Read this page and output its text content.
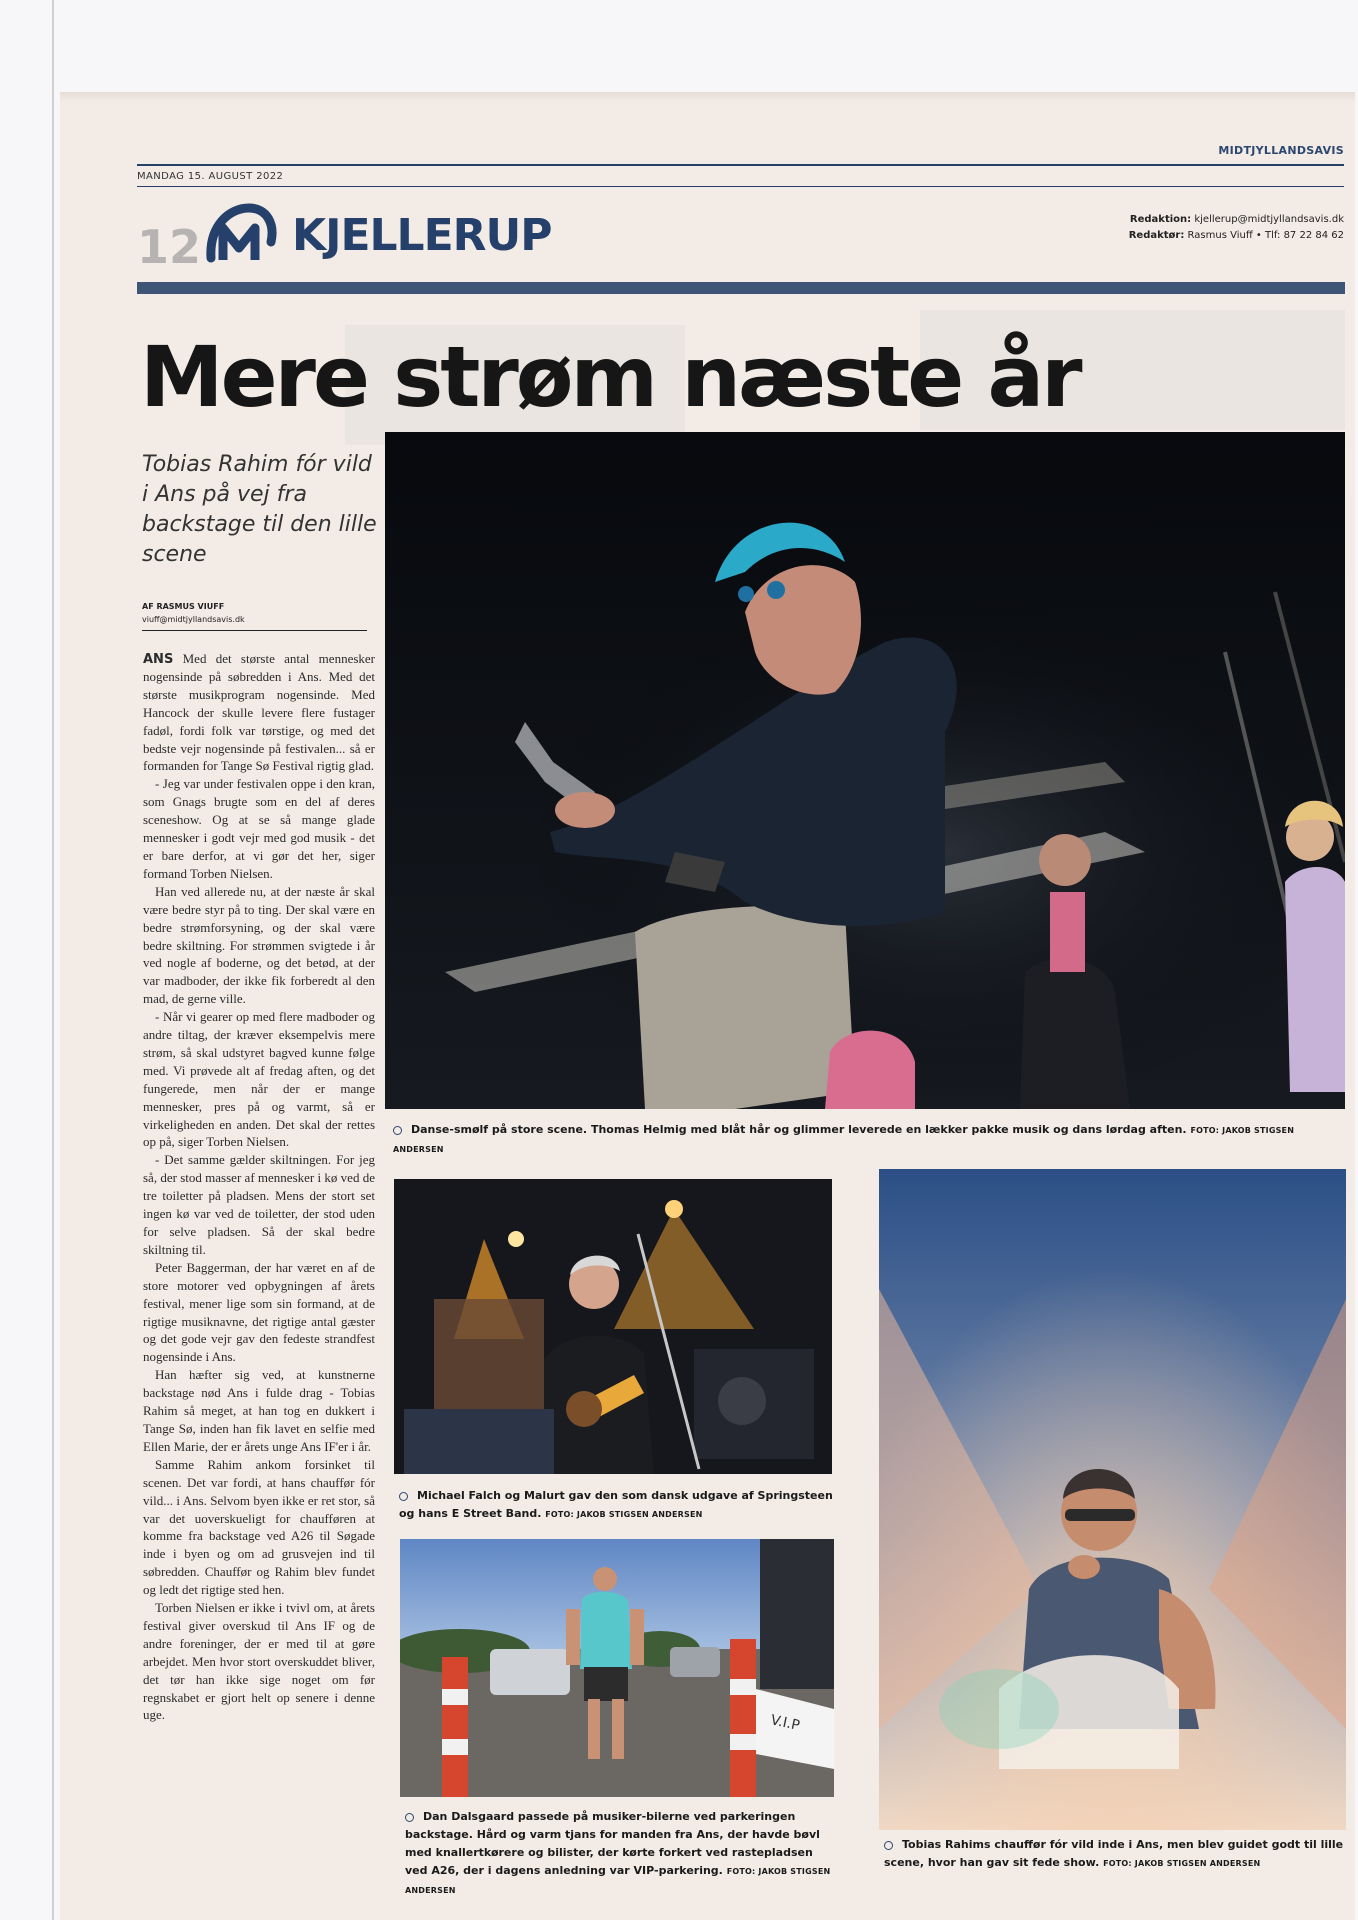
MIDTJYLLANDSAVIS
MANDAG 15. AUGUST 2022
12 KJELLERUP	Redaktion: kjellerup@midtjyllandsavis.dk
Redaktør: Rasmus Viuff • Tlf: 87 22 84 62
Mere strøm næste år
Tobias Rahim fór vild i Ans på vej fra backstage til den lille scene
AF RASMUS VIUFF
viuff@midtjyllandsavis.dk

ANS Med det største antal mennesker nogensinde på søbredden i Ans. Med det største musikprogram nogensinde. Med Hancock der skulle levere flere fustager fadøl, fordi folk var tørstige, og med det bedste vejr nogensinde på festivalen... så er formanden for Tange Sø Festival rigtig glad.

- Jeg var under festivalen oppe i den kran, som Gnags brugte som en del af deres sceneshow. Og at se så mange glade mennesker i godt vejr med god musik - det er bare derfor, at vi gør det her, siger formand Torben Nielsen.

Han ved allerede nu, at der næste år skal være bedre styr på to ting. Der skal være en bedre strømforsyning, og der skal være bedre skiltning. For strømmen svigtede i år ved nogle af boderne, og det betød, at der var madboder, der ikke fik forberedt al den mad, de gerne ville.

- Når vi gearer op med flere madboder og andre tiltag, der kræver eksempelvis mere strøm, så skal udstyret bagved kunne følge med. Vi prøvede alt af fredag aften, og det fungerede, men når der er mange mennesker, pres på og varmt, så er virkeligheden en anden. Det skal der rettes op på, siger Torben Nielsen.

- Det samme gælder skiltningen. For jeg så, der stod masser af mennesker i kø ved de tre toiletter på pladsen. Mens der stort set ingen kø var ved de toiletter, der stod uden for selve pladsen. Så der skal bedre skiltning til.

Peter Baggerman, der har været en af de store motorer ved opbygningen af årets festival, mener lige som sin formand, at de rigtige musiknavne, det rigtige antal gæster og det gode vejr gav den fedeste strandfest nogensinde i Ans.

Han hæfter sig ved, at kunstnerne backstage nød Ans i fulde drag - Tobias Rahim så meget, at han tog en dukkert i Tange Sø, inden han fik lavet en selfie med Ellen Marie, der er årets unge Ans IF'er i år.

Samme Rahim ankom forsinket til scenen. Det var fordi, at hans chauffør fór vild... i Ans. Selvom byen ikke er ret stor, så var det uoverskueligt for chaufføren at komme fra backstage ved A26 til Søgade inde i byen og om ad grusvejen ind til søbredden. Chauffør og Rahim blev fundet og ledt det rigtige sted hen.

Torben Nielsen er ikke i tvivl om, at årets festival giver overskud til Ans IF og de andre foreninger, der er med til at gøre arbejdet. Men hvor stort overskuddet bliver, det tør han ikke sige noget om før regnskabet er gjort helt op senere i denne uge.

Danse-smølf på store scene. Thomas Helmig med blåt hår og glimmer leverede en lækker pakke musik og dans lørdag aften. FOTO: JAKOB STIGSEN ANDERSEN
Michael Falch og Malurt gav den som dansk udgave af Springsteen og hans E Street Band. FOTO: JAKOB STIGSEN ANDERSEN
V.I.P
Dan Dalsgaard passede på musiker-bilerne ved parkeringen backstage. Hård og varm tjans for manden fra Ans, der havde bøvl med knallertkørere og bilister, der kørte forkert ved rastepladsen ved A26, der i dagens anledning var VIP-parkering. FOTO: JAKOB STIGSEN ANDERSEN
Tobias Rahims chauffør fór vild inde i Ans, men blev guidet godt til lille scene, hvor han gav sit fede show. FOTO: JAKOB STIGSEN ANDERSEN
